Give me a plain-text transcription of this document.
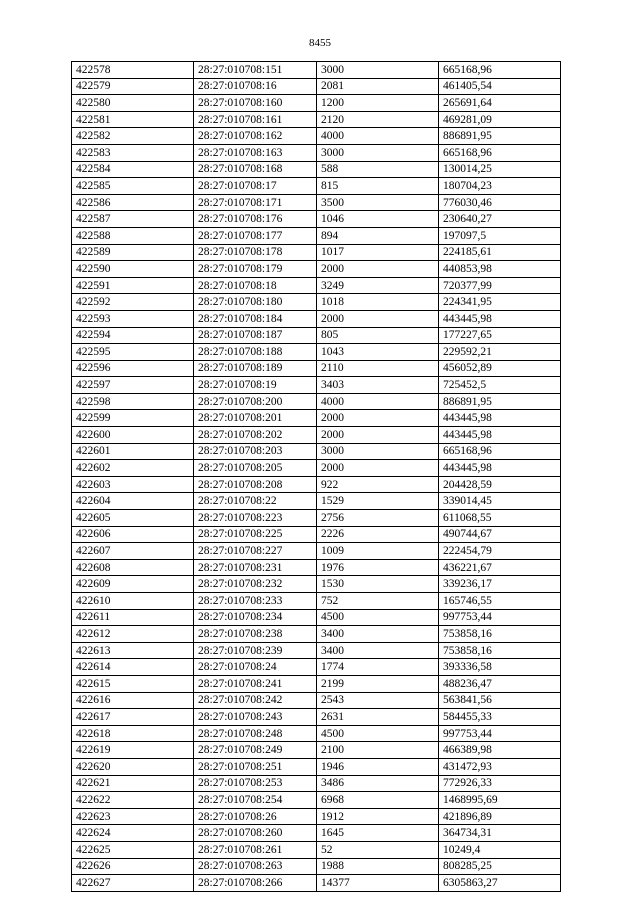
8455
422578	28:27:010708:151	3000	665168,96
422579	28:27:010708:16	2081	461405,54
422580	28:27:010708:160	1200	265691,64
422581	28:27:010708:161	2120	469281,09
422582	28:27:010708:162	4000	886891,95
422583	28:27:010708:163	3000	665168,96
422584	28:27:010708:168	588	130014,25
422585	28:27:010708:17	815	180704,23
422586	28:27:010708:171	3500	776030,46
422587	28:27:010708:176	1046	230640,27
422588	28:27:010708:177	894	197097,5
422589	28:27:010708:178	1017	224185,61
422590	28:27:010708:179	2000	440853,98
422591	28:27:010708:18	3249	720377,99
422592	28:27:010708:180	1018	224341,95
422593	28:27:010708:184	2000	443445,98
422594	28:27:010708:187	805	177227,65
422595	28:27:010708:188	1043	229592,21
422596	28:27:010708:189	2110	456052,89
422597	28:27:010708:19	3403	725452,5
422598	28:27:010708:200	4000	886891,95
422599	28:27:010708:201	2000	443445,98
422600	28:27:010708:202	2000	443445,98
422601	28:27:010708:203	3000	665168,96
422602	28:27:010708:205	2000	443445,98
422603	28:27:010708:208	922	204428,59
422604	28:27:010708:22	1529	339014,45
422605	28:27:010708:223	2756	611068,55
422606	28:27:010708:225	2226	490744,67
422607	28:27:010708:227	1009	222454,79
422608	28:27:010708:231	1976	436221,67
422609	28:27:010708:232	1530	339236,17
422610	28:27:010708:233	752	165746,55
422611	28:27:010708:234	4500	997753,44
422612	28:27:010708:238	3400	753858,16
422613	28:27:010708:239	3400	753858,16
422614	28:27:010708:24	1774	393336,58
422615	28:27:010708:241	2199	488236,47
422616	28:27:010708:242	2543	563841,56
422617	28:27:010708:243	2631	584455,33
422618	28:27:010708:248	4500	997753,44
422619	28:27:010708:249	2100	466389,98
422620	28:27:010708:251	1946	431472,93
422621	28:27:010708:253	3486	772926,33
422622	28:27:010708:254	6968	1468995,69
422623	28:27:010708:26	1912	421896,89
422624	28:27:010708:260	1645	364734,31
422625	28:27:010708:261	52	10249,4
422626	28:27:010708:263	1988	808285,25
422627	28:27:010708:266	14377	6305863,27
